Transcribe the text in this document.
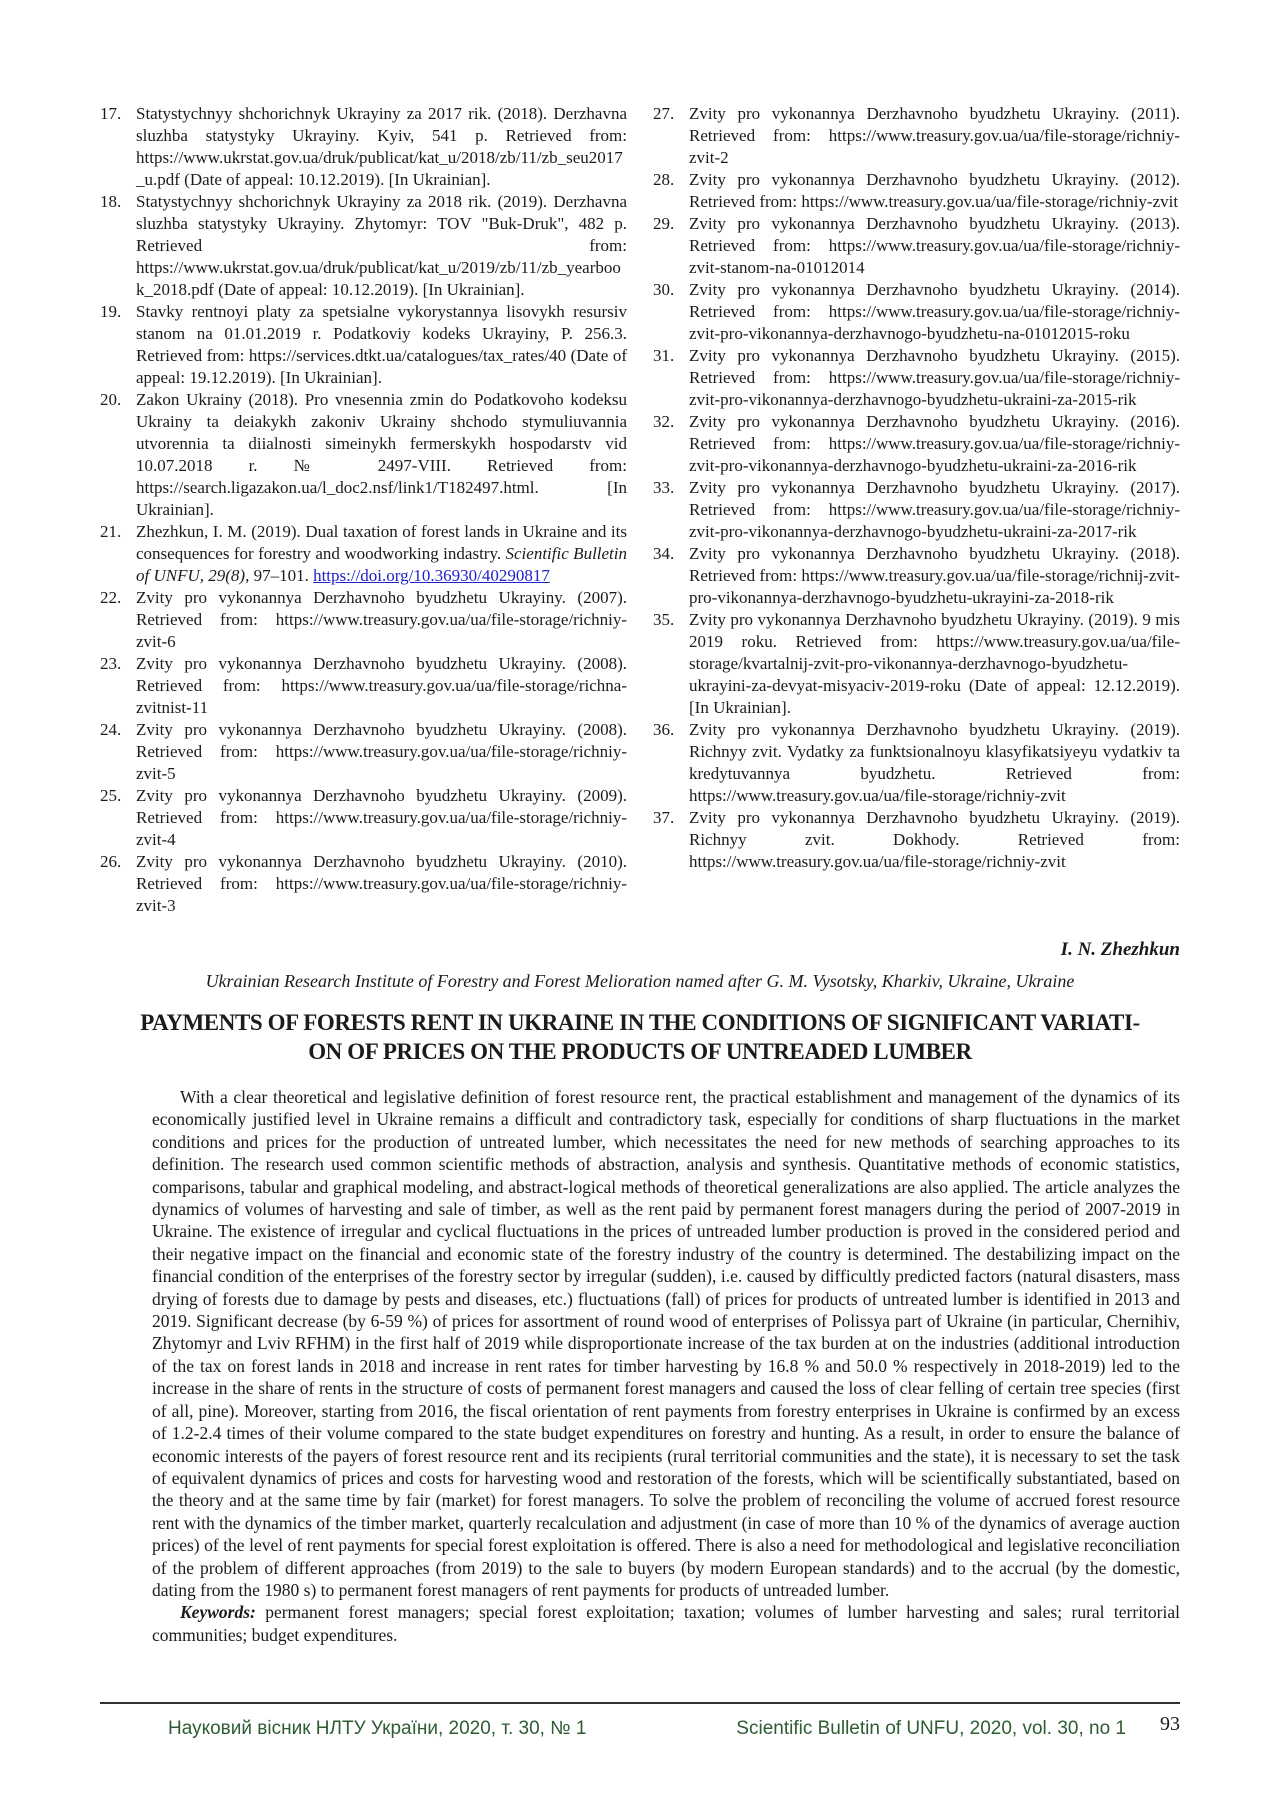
17. Statystychnyy shchorichnyk Ukrayiny za 2017 rik. (2018). Derzhavna sluzhba statystyky Ukrayiny. Kyiv, 541 p. Retrieved from: https://www.ukrstat.gov.ua/druk/publicat/kat_u/2018/zb/11/zb_seu2017_u.pdf (Date of appeal: 10.12.2019). [In Ukrainian].
18. Statystychnyy shchorichnyk Ukrayiny za 2018 rik. (2019). Derzhavna sluzhba statystyky Ukrayiny. Zhytomyr: TOV "Buk-Druk", 482 p. Retrieved from: https://www.ukrstat.gov.ua/druk/publicat/kat_u/2019/zb/11/zb_yearbook_2018.pdf (Date of appeal: 10.12.2019). [In Ukrainian].
19. Stavky rentnoyi platy za spetsialne vykorystannya lisovykh resursiv stanom na 01.01.2019 r. Podatkoviy kodeks Ukrayiny, P. 256.3. Retrieved from: https://services.dtkt.ua/catalogues/tax_rates/40 (Date of appeal: 19.12.2019). [In Ukrainian].
20. Zakon Ukrainy (2018). Pro vnesennia zmin do Podatkovoho kodeksu Ukrainy ta deiakykh zakoniv Ukrainy shchodo stymuliuvannia utvorennia ta diialnosti simeinykh fermerskykh hospodarstv vid 10.07.2018 r. № 2497-VIII. Retrieved from: https://search.ligazakon.ua/l_doc2.nsf/link1/T182497.html. [In Ukrainian].
21. Zhezhkun, I. M. (2019). Dual taxation of forest lands in Ukraine and its consequences for forestry and woodworking indastry. Scientific Bulletin of UNFU, 29(8), 97–101. https://doi.org/10.36930/40290817
22. Zvity pro vykonannya Derzhavnoho byudzhetu Ukrayiny. (2007). Retrieved from: https://www.treasury.gov.ua/ua/file-storage/richniy-zvit-6
23. Zvity pro vykonannya Derzhavnoho byudzhetu Ukrayiny. (2008). Retrieved from: https://www.treasury.gov.ua/ua/file-storage/richna-zvitnist-11
24. Zvity pro vykonannya Derzhavnoho byudzhetu Ukrayiny. (2008). Retrieved from: https://www.treasury.gov.ua/ua/file-storage/richniy-zvit-5
25. Zvity pro vykonannya Derzhavnoho byudzhetu Ukrayiny. (2009). Retrieved from: https://www.treasury.gov.ua/ua/file-storage/richniy-zvit-4
26. Zvity pro vykonannya Derzhavnoho byudzhetu Ukrayiny. (2010). Retrieved from: https://www.treasury.gov.ua/ua/file-storage/richniy-zvit-3
27. Zvity pro vykonannya Derzhavnoho byudzhetu Ukrayiny. (2011). Retrieved from: https://www.treasury.gov.ua/ua/file-storage/richniy-zvit-2
28. Zvity pro vykonannya Derzhavnoho byudzhetu Ukrayiny. (2012). Retrieved from: https://www.treasury.gov.ua/ua/file-storage/richniy-zvit
29. Zvity pro vykonannya Derzhavnoho byudzhetu Ukrayiny. (2013). Retrieved from: https://www.treasury.gov.ua/ua/file-storage/richniy-zvit-stanom-na-01012014
30. Zvity pro vykonannya Derzhavnoho byudzhetu Ukrayiny. (2014). Retrieved from: https://www.treasury.gov.ua/ua/file-storage/richniy-zvit-pro-vikonannya-derzhavnogo-byudzhetu-na-01012015-roku
31. Zvity pro vykonannya Derzhavnoho byudzhetu Ukrayiny. (2015). Retrieved from: https://www.treasury.gov.ua/ua/file-storage/richniy-zvit-pro-vikonannya-derzhavnogo-byudzhetu-ukraini-za-2015-rik
32. Zvity pro vykonannya Derzhavnoho byudzhetu Ukrayiny. (2016). Retrieved from: https://www.treasury.gov.ua/ua/file-storage/richniy-zvit-pro-vikonannya-derzhavnogo-byudzhetu-ukraini-za-2016-rik
33. Zvity pro vykonannya Derzhavnoho byudzhetu Ukrayiny. (2017). Retrieved from: https://www.treasury.gov.ua/ua/file-storage/richniy-zvit-pro-vikonannya-derzhavnogo-byudzhetu-ukraini-za-2017-rik
34. Zvity pro vykonannya Derzhavnoho byudzhetu Ukrayiny. (2018). Retrieved from: https://www.treasury.gov.ua/ua/file-storage/richnij-zvit-pro-vikonannya-derzhavnogo-byudzhetu-ukrayini-za-2018-rik
35. Zvity pro vykonannya Derzhavnoho byudzhetu Ukrayiny. (2019). 9 mis 2019 roku. Retrieved from: https://www.treasury.gov.ua/ua/file-storage/kvartalnij-zvit-pro-vikonannya-derzhavnogo-byudzhetu-ukrayini-za-devyat-misyaciv-2019-roku (Date of appeal: 12.12.2019). [In Ukrainian].
36. Zvity pro vykonannya Derzhavnoho byudzhetu Ukrayiny. (2019). Richnyy zvit. Vydatky za funktsionalnoyu klasyfikatsiyeyu vydatkiv ta kredytuvannya byudzhetu. Retrieved from: https://www.treasury.gov.ua/ua/file-storage/richniy-zvit
37. Zvity pro vykonannya Derzhavnoho byudzhetu Ukrayiny. (2019). Richnyy zvit. Dokhody. Retrieved from: https://www.treasury.gov.ua/ua/file-storage/richniy-zvit
I. N. Zhezhkun
Ukrainian Research Institute of Forestry and Forest Melioration named after G. M. Vysotsky, Kharkiv, Ukraine, Ukraine
PAYMENTS OF FORESTS RENT IN UKRAINE IN THE CONDITIONS OF SIGNIFICANT VARIATI-
ON OF PRICES ON THE PRODUCTS OF UNTREADED LUMBER

With a clear theoretical and legislative definition of forest resource rent, the practical establishment and management of the dynamics of its economically justified level in Ukraine remains a difficult and contradictory task, especially for conditions of sharp fluctuations in the market conditions and prices for the production of untreated lumber, which necessitates the need for new methods of searching approaches to its definition. The research used common scientific methods of abstraction, analysis and synthesis. Quantitative methods of economic statistics, comparisons, tabular and graphical modeling, and abstract-logical methods of theoretical generalizations are also applied. The article analyzes the dynamics of volumes of harvesting and sale of timber, as well as the rent paid by permanent forest managers during the period of 2007-2019 in Ukraine. The existence of irregular and cyclical fluctuations in the prices of untreaded lumber production is proved in the considered period and their negative impact on the financial and economic state of the forestry industry of the country is determined. The destabilizing impact on the financial condition of the enterprises of the forestry sector by irregular (sudden), i.e. caused by difficultly predicted factors (natural disasters, mass drying of forests due to damage by pests and diseases, etc.) fluctuations (fall) of prices for products of untreated lumber is identified in 2013 and 2019. Significant decrease (by 6-59 %) of prices for assortment of round wood of enterprises of Polissya part of Ukraine (in particular, Chernihiv, Zhytomyr and Lviv RFHM) in the first half of 2019 while disproportionate increase of the tax burden at on the industries (additional introduction of the tax on forest lands in 2018 and increase in rent rates for timber harvesting by 16.8 % and 50.0 % respectively in 2018-2019) led to the increase in the share of rents in the structure of costs of permanent forest managers and caused the loss of clear felling of certain tree species (first of all, pine). Moreover, starting from 2016, the fiscal orientation of rent payments from forestry enterprises in Ukraine is confirmed by an excess of 1.2-2.4 times of their volume compared to the state budget expenditures on forestry and hunting. As a result, in order to ensure the balance of economic interests of the payers of forest resource rent and its recipients (rural territorial communities and the state), it is necessary to set the task of equivalent dynamics of prices and costs for harvesting wood and restoration of the forests, which will be scientifically substantiated, based on the theory and at the same time by fair (market) for forest managers. To solve the problem of reconciling the volume of accrued forest resource rent with the dynamics of the timber market, quarterly recalculation and adjustment (in case of more than 10 % of the dynamics of average auction prices) of the level of rent payments for special forest exploitation is offered. There is also a need for methodological and legislative reconciliation of the problem of different approaches (from 2019) to the sale to buyers (by modern European standards) and to the accrual (by the domestic, dating from the 1980 s) to permanent forest managers of rent payments for products of untreaded lumber.

Keywords: permanent forest managers; special forest exploitation; taxation; volumes of lumber harvesting and sales; rural territorial communities; budget expenditures.

Науковий вісник НЛТУ України, 2020, т. 30, № 1	Scientific Bulletin of UNFU, 2020, vol. 30, no 1 93
